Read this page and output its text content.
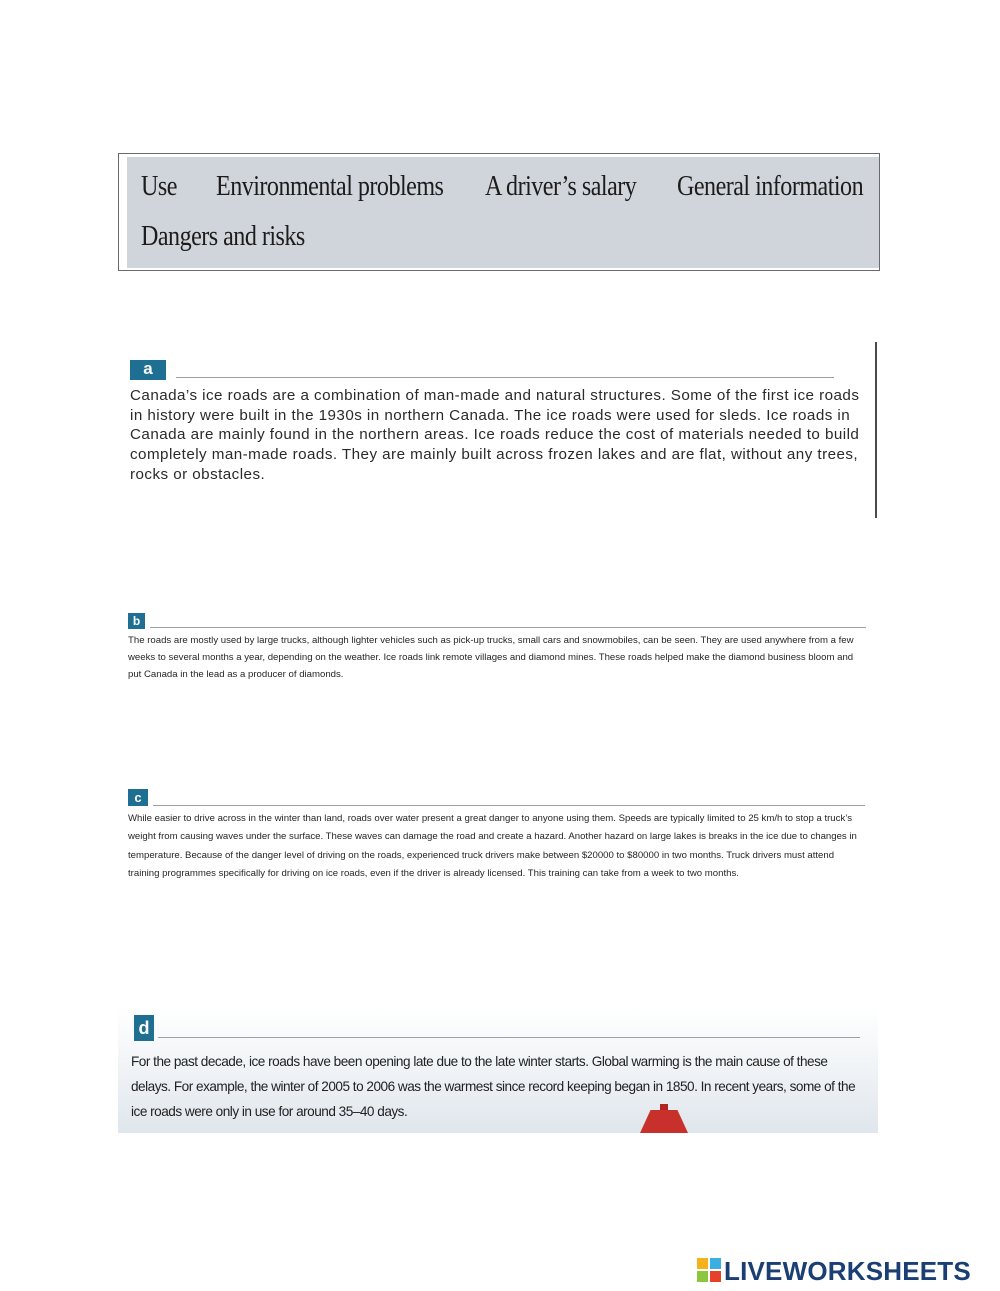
Use Environmental problems A driver’s salary General information
Dangers and risks
a

Canada’s ice roads are a combination of man-made and natural structures. Some of the first ice roads in history were built in the 1930s in northern Canada. The ice roads were used for sleds. Ice roads in Canada are mainly found in the northern areas. Ice roads reduce the cost of materials needed to build completely man-made roads. They are mainly built across frozen lakes and are flat, without any trees, rocks or obstacles.

b

The roads are mostly used by large trucks, although lighter vehicles such as pick-up trucks, small cars and snowmobiles, can be seen. They are used anywhere from a few weeks to several months a year, depending on the weather. Ice roads link remote villages and diamond mines. These roads helped make the diamond business bloom and put Canada in the lead as a producer of diamonds.

c

While easier to drive across in the winter than land, roads over water present a great danger to anyone using them. Speeds are typically limited to 25 km/h to stop a truck’s weight from causing waves under the surface. These waves can damage the road and create a hazard. Another hazard on large lakes is breaks in the ice due to changes in temperature. Because of the danger level of driving on the roads, experienced truck drivers make between $20000 to $80000 in two months. Truck drivers must attend training programmes specifically for driving on ice roads, even if the driver is already licensed. This training can take from a week to two months.

d

For the past decade, ice roads have been opening late due to the late winter starts. Global warming is the main cause of these delays. For example, the winter of 2005 to 2006 was the warmest since record keeping began in 1850. In recent years, some of the ice roads were only in use for around 35–40 days.

LIVEWORKSHEETS
